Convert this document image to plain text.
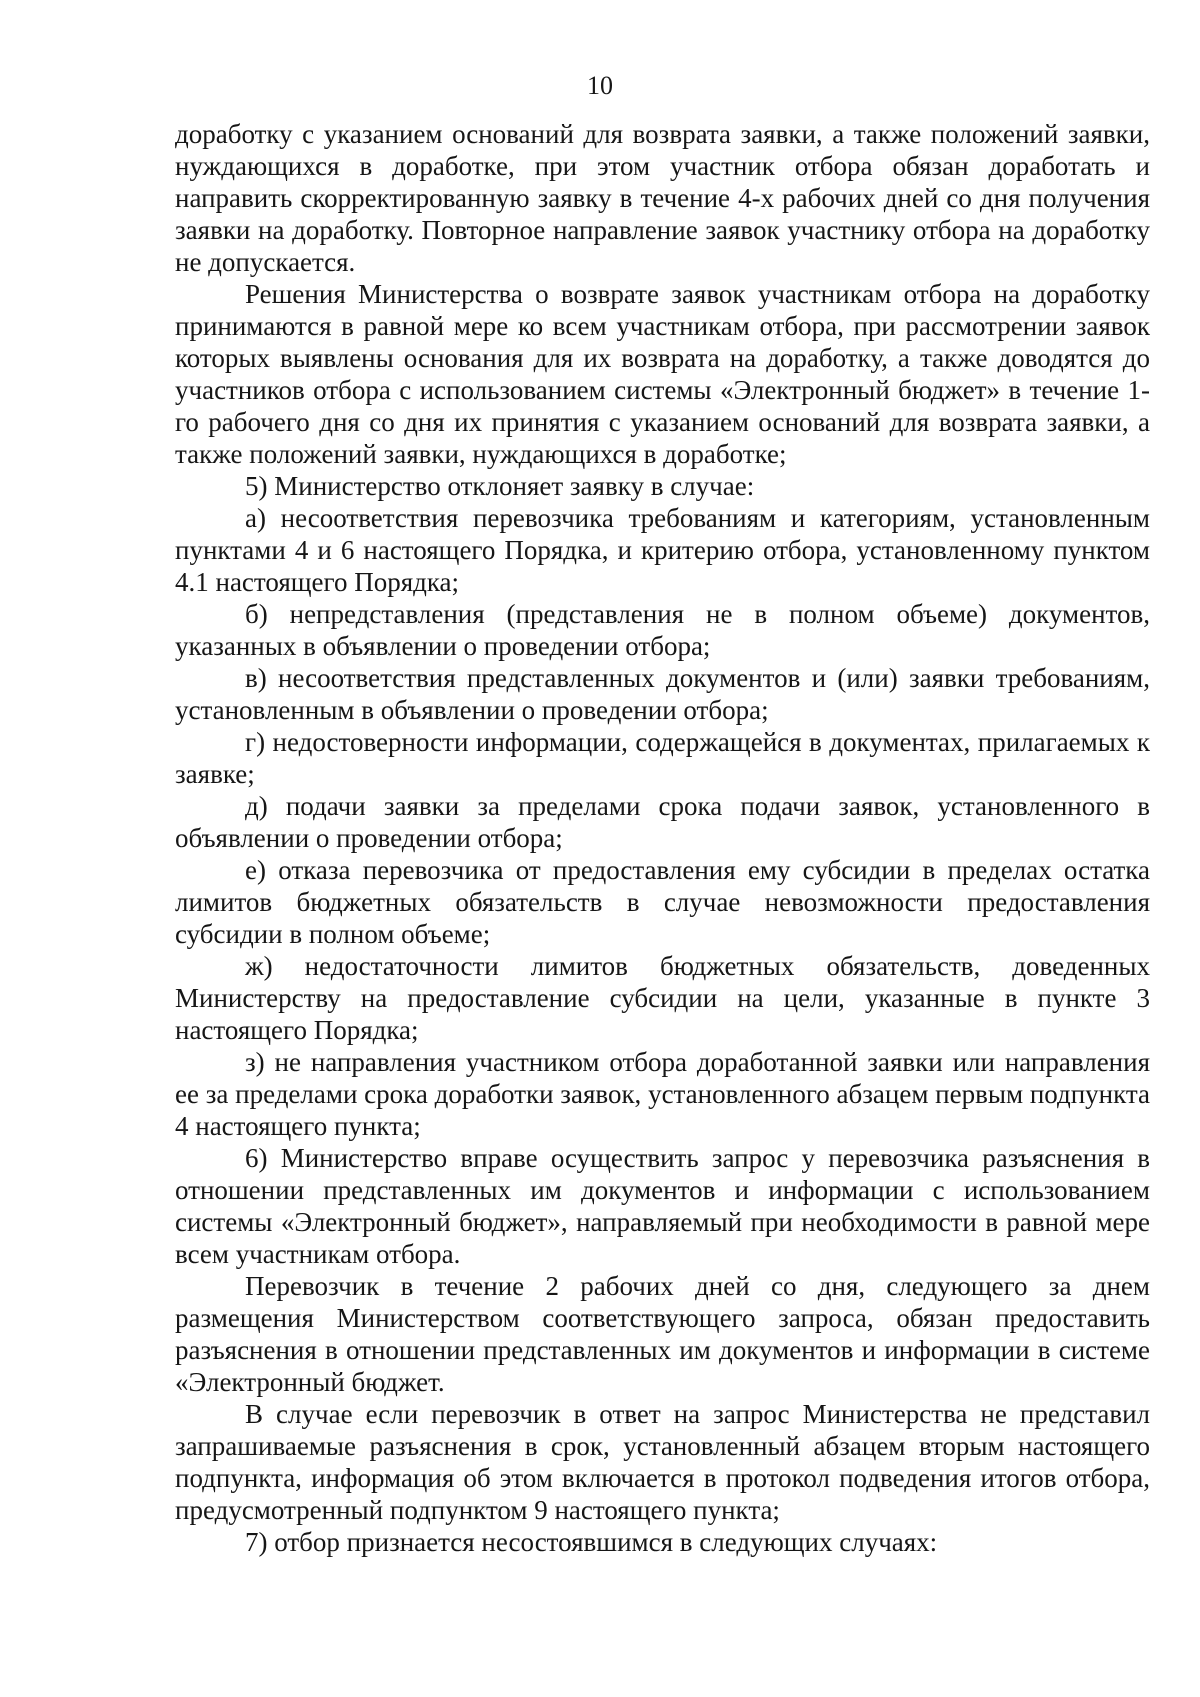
10

доработку с указанием оснований для возврата заявки, а также положений заявки, нуждающихся в доработке, при этом участник отбора обязан доработать и направить скорректированную заявку в течение 4-х рабочих дней со дня получения заявки на доработку. Повторное направление заявок участнику отбора на доработку не допускается.

Решения Министерства о возврате заявок участникам отбора на доработку принимаются в равной мере ко всем участникам отбора, при рассмотрении заявок которых выявлены основания для их возврата на доработку, а также доводятся до участников отбора с использованием системы «Электронный бюджет» в течение 1-го рабочего дня со дня их принятия с указанием оснований для возврата заявки, а также положений заявки, нуждающихся в доработке;

5) Министерство отклоняет заявку в случае:

а) несоответствия перевозчика требованиям и категориям, установленным пунктами 4 и 6 настоящего Порядка, и критерию отбора, установленному пунктом 4.1 настоящего Порядка;

б) непредставления (представления не в полном объеме) документов, указанных в объявлении о проведении отбора;

в) несоответствия представленных документов и (или) заявки требованиям, установленным в объявлении о проведении отбора;

г) недостоверности информации, содержащейся в документах, прилагаемых к заявке;

д) подачи заявки за пределами срока подачи заявок, установленного в объявлении о проведении отбора;

е) отказа перевозчика от предоставления ему субсидии в пределах остатка лимитов бюджетных обязательств в случае невозможности предоставления субсидии в полном объеме;

ж) недостаточности лимитов бюджетных обязательств, доведенных Министерству на предоставление субсидии на цели, указанные в пункте 3 настоящего Порядка;

з) не направления участником отбора доработанной заявки или направления ее за пределами срока доработки заявок, установленного абзацем первым подпункта 4 настоящего пункта;

6) Министерство вправе осуществить запрос у перевозчика разъяснения в отношении представленных им документов и информации с использованием системы «Электронный бюджет», направляемый при необходимости в равной мере всем участникам отбора.

Перевозчик в течение 2 рабочих дней со дня, следующего за днем размещения Министерством соответствующего запроса, обязан предоставить разъяснения в отношении представленных им документов и информации в системе «Электронный бюджет.

В случае если перевозчик в ответ на запрос Министерства не представил запрашиваемые разъяснения в срок, установленный абзацем вторым настоящего подпункта, информация об этом включается в протокол подведения итогов отбора, предусмотренный подпунктом 9 настоящего пункта;

7) отбор признается несостоявшимся в следующих случаях:
